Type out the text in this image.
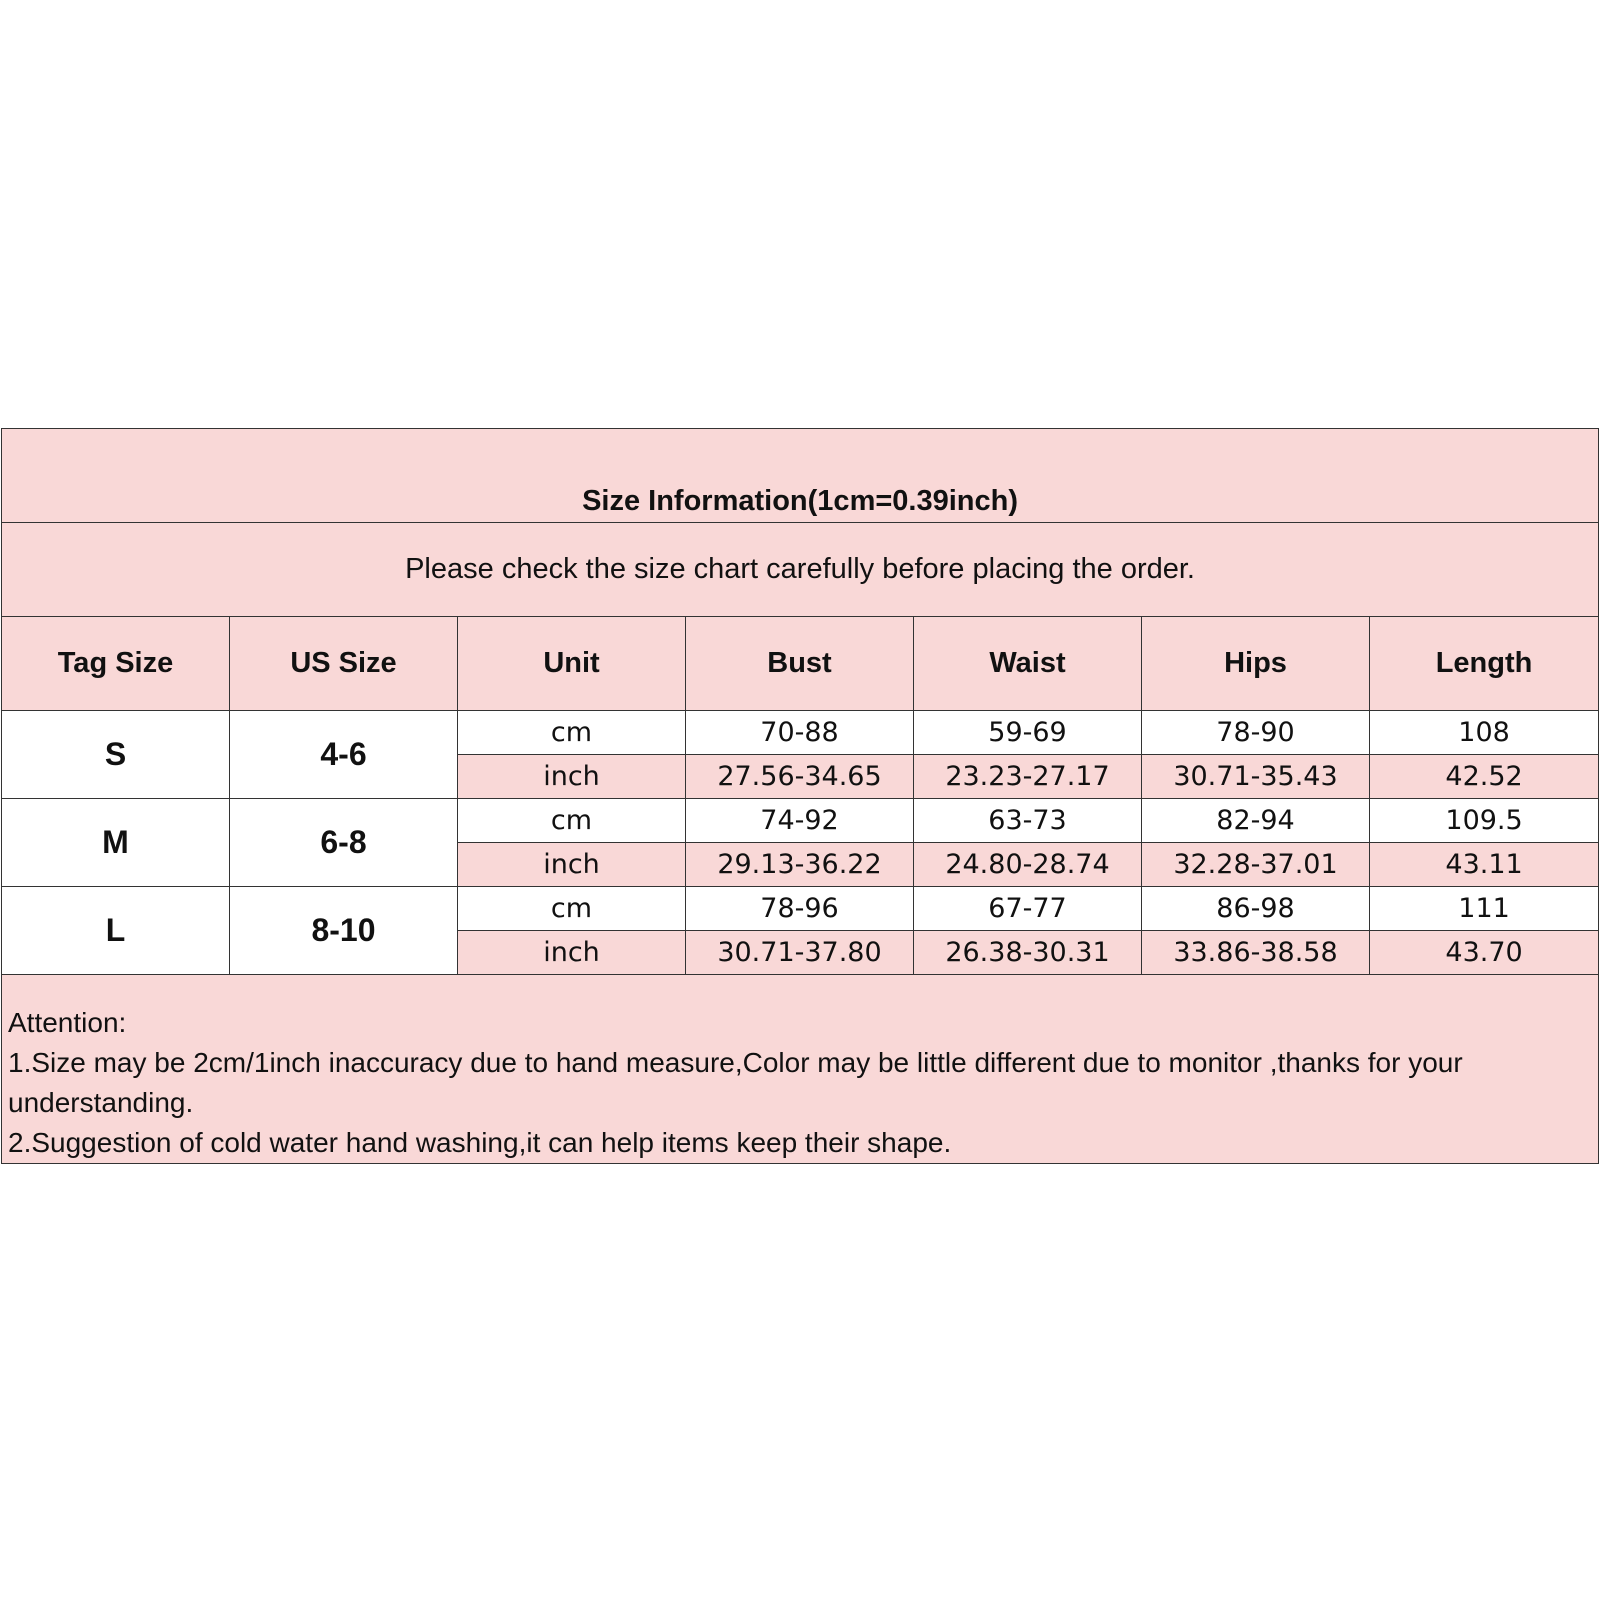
Size Information(1cm=0.39inch)						
Please check the size chart carefully before placing the order.						
Tag Size	US Size	Unit	Bust	Waist	Hips	Length
S	4-6	cm	70-88	59-69	78-90	108
		inch	27.56-34.65	23.23-27.17	30.71-35.43	42.52
M	6-8	cm	74-92	63-73	82-94	109.5
		inch	29.13-36.22	24.80-28.74	32.28-37.01	43.11
L	8-10	cm	78-96	67-77	86-98	111
		inch	30.71-37.80	26.38-30.31	33.86-38.58	43.70

Attention:
1.Size may be 2cm/1inch inaccuracy due to hand measure,Color may be little different due to monitor ,thanks for your understanding.
2.Suggestion of cold water hand washing,it can help items keep their shape.						
